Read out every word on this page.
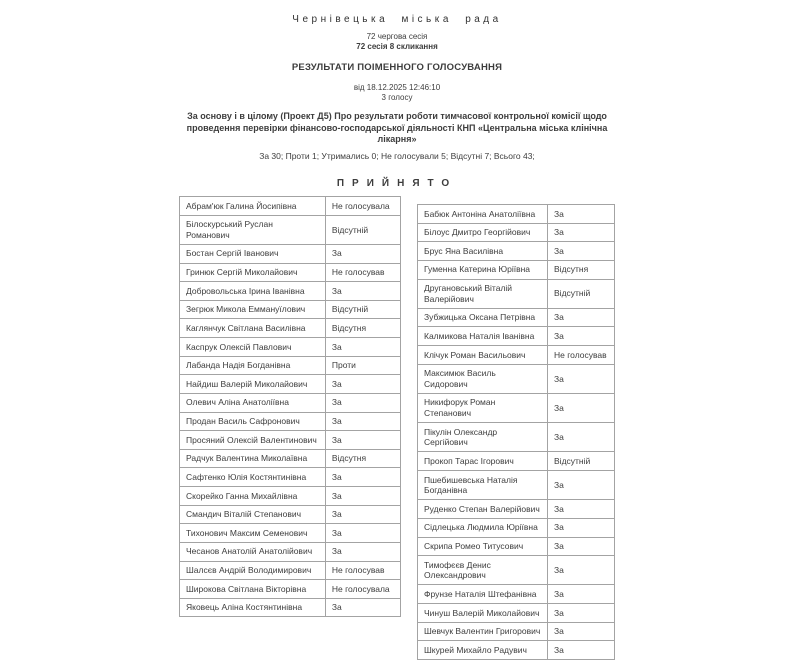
Чернівецька міська рада
72 чергова сесія
72 сесія 8 скликання
РЕЗУЛЬТАТИ ПОІМЕННОГО ГОЛОСУВАННЯ
від 18.12.2025 12:46:10
3 голосу
За основу і в цілому (Проект Д5) Про результати роботи тимчасової контрольної комісії щодо проведення перевірки фінансово-господарської діяльності КНП «Центральна міська клінічна лікарня»
За 30; Проти 1; Утримались 0; Не голосували 5; Відсутні 7; Всього 43;
ПРИЙНЯТО
Абрам'юк Галина Йосипівна	Не голосувала
Білоскурський Руслан Романович	Відсутній
Бостан Сергій Іванович	За
Гринюк Сергій Миколайович	Не голосував
Добровольська Ірина Іванівна	За
Зегрюк Микола Еммануїлович	Відсутній
Каглянчук Світлана Василівна	Відсутня
Каспрук Олексій Павлович	За
Лабанда Надія Богданівна	Проти
Найдиш Валерій Миколайович	За
Олевич Аліна Анатоліївна	За
Продан Василь Сафронович	За
Просяний Олексій Валентинович	За
Радчук Валентина Миколаївна	Відсутня
Сафтенко Юлія Костянтинівна	За
Скорейко Ганна Михайлівна	За
Смандич Віталій Степанович	За
Тихонович Максим Семенович	За
Чесанов Анатолій Анатолійович	За
Шалсєв Андрій Володимирович	Не голосував
Широкова Світлана Вікторівна	Не голосувала
Яковець Аліна Костянтинівна	За
Бабюк Антоніна Анатоліївна	За
Білоус Дмитро Георгійович	За
Брус Яна Василівна	За
Гуменна Катерина Юріївна	Відсутня
Другановський Віталій Валерійович	Відсутній
Зубжицька Оксана Петрівна	За
Калмикова Наталія Іванівна	За
Клічук Роман Васильович	Не голосував
Максимюк Василь Сидорович	За
Никифорук Роман Степанович	За
Пікулін Олександр Сергійович	За
Прокоп Тарас Ігорович	Відсутній
Пшебишевська Наталія Богданівна	За
Руденко Степан Валерійович	За
Сідлецька Людмила Юріївна	За
Скрипа Ромео Титусович	За
Тимофєєв Денис Олександрович	За
Фрунзе Наталія Штефанівна	За
Чинуш Валерій Миколайович	За
Шевчук Валентин Григорович	За
Шкурей Михайло Радувич	За
